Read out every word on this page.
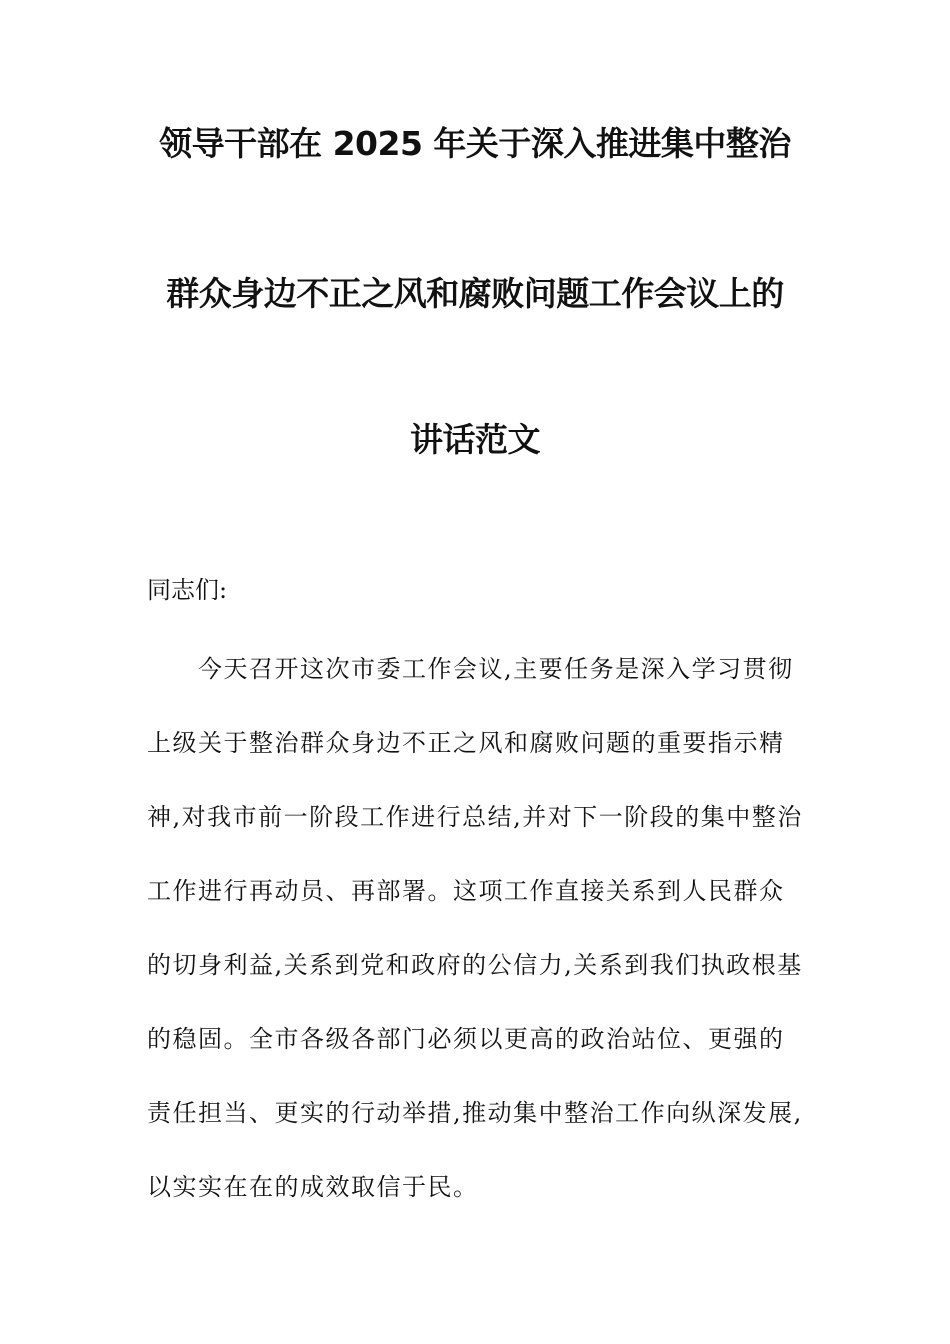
领导干部在 2025 年关于深入推进集中整治
群众身边不正之风和腐败问题工作会议上的
讲话范文

同志们:

　　今天召开这次市委工作会议,主要任务是深入学习贯彻
上级关于整治群众身边不正之风和腐败问题的重要指示精
神,对我市前一阶段工作进行总结,并对下一阶段的集中整治
工作进行再动员、再部署。这项工作直接关系到人民群众
的切身利益,关系到党和政府的公信力,关系到我们执政根基
的稳固。全市各级各部门必须以更高的政治站位、更强的
责任担当、更实的行动举措,推动集中整治工作向纵深发展,
以实实在在的成效取信于民。
